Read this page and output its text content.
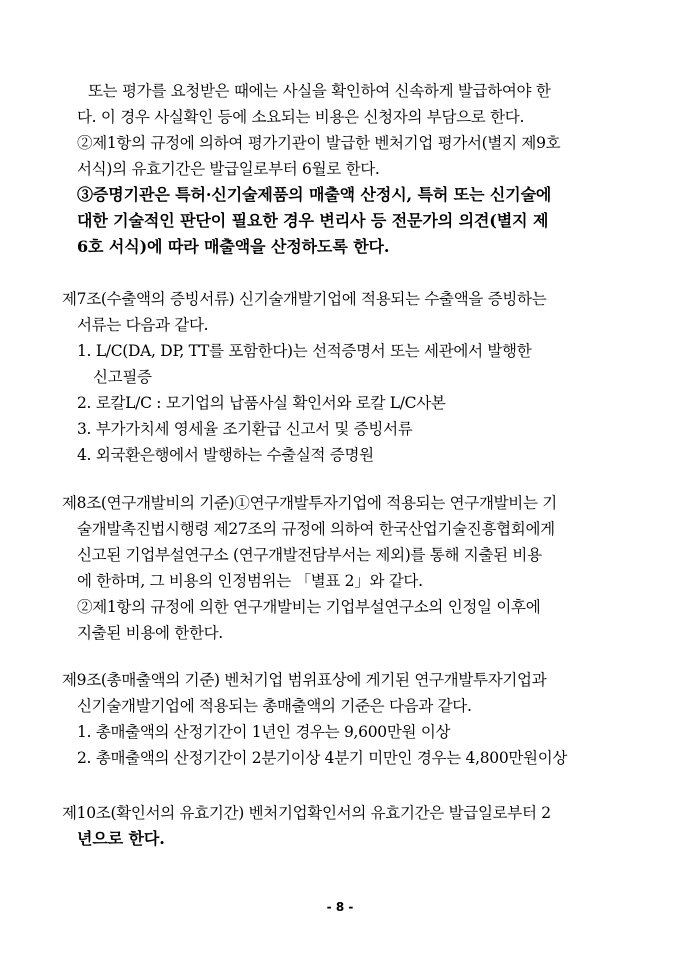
또는 평가를 요청받은 때에는 사실을 확인하여 신속하게 발급하여야 한
다. 이 경우 사실확인 등에 소요되는 비용은 신청자의 부담으로 한다.
②제1항의 규정에 의하여 평가기관이 발급한 벤처기업 평가서(별지 제9호
서식)의 유효기간은 발급일로부터 6월로 한다.
③증명기관은 특허·신기술제품의 매출액 산정시, 특허 또는 신기술에
대한 기술적인 판단이 필요한 경우 변리사 등 전문가의 의견(별지 제
6호 서식)에 따라 매출액을 산정하도록 한다.
제7조(수출액의 증빙서류) 신기술개발기업에 적용되는 수출액을 증빙하는
서류는 다음과 같다.
1. L/C(DA, DP, TT를 포함한다)는 선적증명서 또는 세관에서 발행한
신고필증
2. 로칼L/C : 모기업의 납품사실 확인서와 로칼 L/C사본
3. 부가가치세 영세율 조기환급 신고서 및 증빙서류
4. 외국환은행에서 발행하는 수출실적 증명원
제8조(연구개발비의 기준)①연구개발투자기업에 적용되는 연구개발비는 기
술개발촉진법시행령 제27조의 규정에 의하여 한국산업기술진흥협회에게
신고된 기업부설연구소 (연구개발전담부서는 제외)를 통해 지출된 비용
에 한하며, 그 비용의 인정범위는 「별표 2」와 같다.
②제1항의 규정에 의한 연구개발비는 기업부설연구소의 인정일 이후에
지출된 비용에 한한다.
제9조(총매출액의 기준) 벤처기업 범위표상에 게기된 연구개발투자기업과
신기술개발기업에 적용되는 총매출액의 기준은 다음과 같다.
1. 총매출액의 산정기간이 1년인 경우는 9,600만원 이상
2. 총매출액의 산정기간이 2분기이상 4분기 미만인 경우는 4,800만원이상
제10조(확인서의 유효기간) 벤처기업확인서의 유효기간은 발급일로부터 2
년으로 한다.
- 8 -
